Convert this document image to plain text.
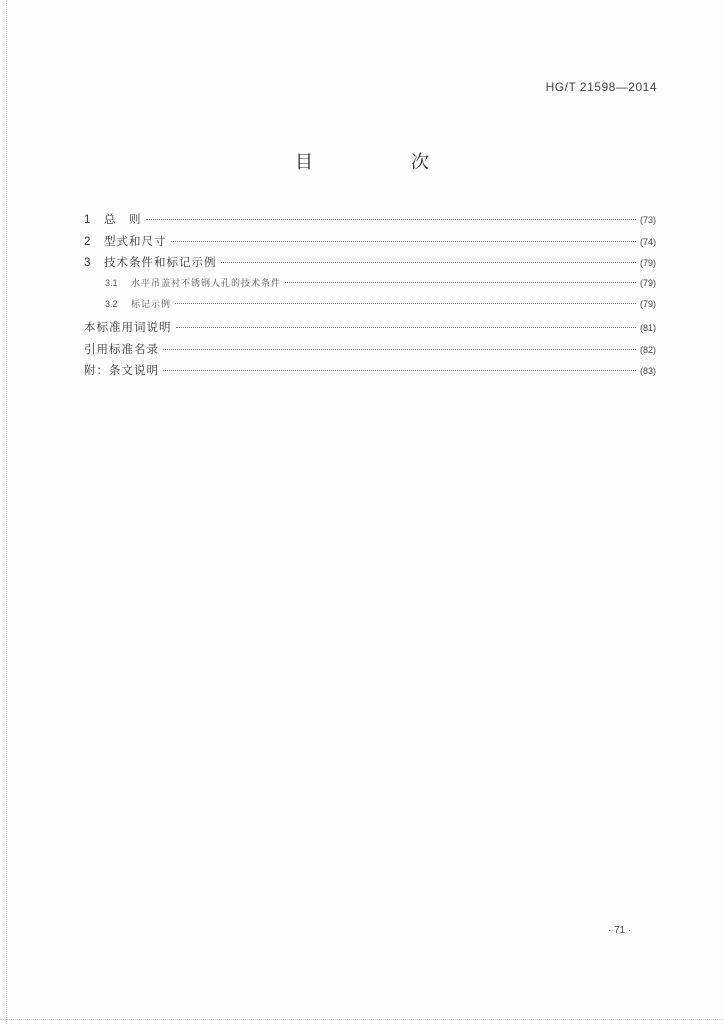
HG/T 21598—2014
目　次
1	总　则	(73)
2	型式和尺寸	(74)
3	技术条件和标记示例	(79)
3.1	水平吊盖衬不锈钢人孔的技术条件	(79)
3.2	标记示例	(79)
本标准用词说明	(81)
引用标准名录	(82)
附：条文说明	(83)
· 71 ·
